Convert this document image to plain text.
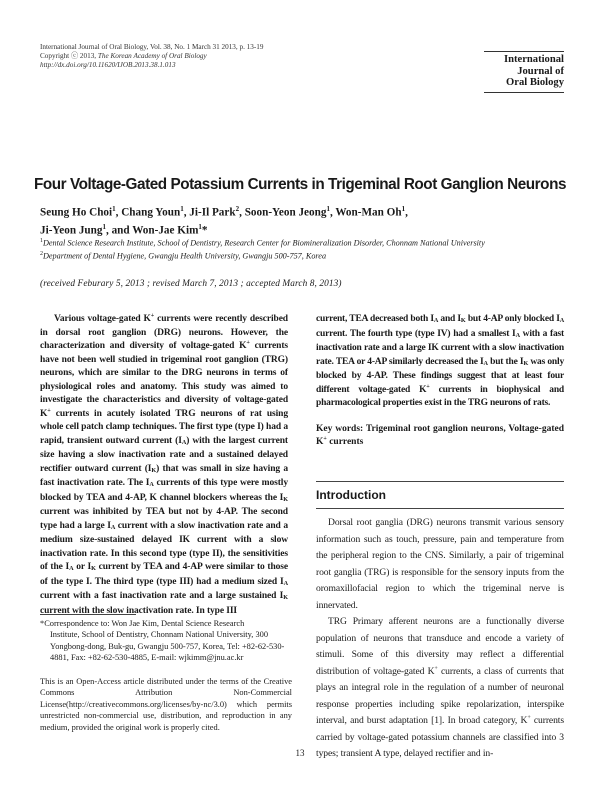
International Journal of Oral Biology, Vol. 38, No. 1 March 31 2013, p. 13-19
Copyright ⓒ 2013, The Korean Academy of Oral Biology
http://dx.doi.org/10.11620/IJOB.2013.38.1.013	International
Journal of
Oral Biology
Four Voltage-Gated Potassium Currents in Trigeminal Root Ganglion Neurons
Seung Ho Choi$^1$, Chang Youn$^1$, Ji-Il Park$^2$, Soon-Yeon Jeong$^1$, Won-Man Oh$^1$,
Ji-Yeon Jung$^1$, and Won-Jae Kim$^1$*
$^1$Dental Science Research Institute, School of Dentistry, Research Center for Biomineralization Disorder, Chonnam National University
$^2$Department of Dental Hygiene, Gwangju Health University, Gwangju 500-757, Korea
(received Feburary 5, 2013 ; revised March 7, 2013 ; accepted March 8, 2013)
Various voltage-gated K+ currents were recently described in dorsal root ganglion (DRG) neurons. However, the characterization and diversity of voltage-gated K+ currents have not been well studied in trigeminal root ganglion (TRG) neurons, which are similar to the DRG neurons in terms of physiological roles and anatomy. This study was aimed to investigate the characteristics and diversity of voltage-gated K+ currents in acutely isolated TRG neurons of rat using whole cell patch clamp techniques. The first type (type I) had a rapid, transient outward current $(I_A)$ with the largest current size having a slow inactivation rate and a sustained delayed rectifier outward current $(I_K)$ that was small in size having a fast inactivation rate. The $I_A$ currents of this type were mostly blocked by TEA and 4-AP, K channel blockers whereas the $I_K$ current was inhibited by TEA but not by 4-AP. The second type had a large $I_A$ current with a slow inactivation rate and a medium size-sustained delayed IK current with a slow inactivation rate. In this second type (type II), the sensitivities of the $I_A$ or $I_K$ current by TEA and 4-AP were similar to those of the type I. The third type (type III) had a medium sized $I_A$ current with a fast inactivation rate and a large sustained $I_K$ current with the slow inactivation rate. In type III
current, TEA decreased both $I_A$ and $I_K$ but 4-AP only blocked $I_A$ current. The fourth type (type IV) had a smallest $I_A$ with a fast inactivation rate and a large IK current with a slow inactivation rate. TEA or 4-AP similarly decreased the $I_A$ but the $I_K$ was only blocked by 4-AP. These findings suggest that at least four different voltage-gated K+ currents in biophysical and pharmacological properties exist in the TRG neurons of rats.
Key words: Trigeminal root ganglion neurons, Voltage-gated K+ currents
Introduction

Dorsal root ganglia (DRG) neurons transmit various sensory information such as touch, pressure, pain and temperature from the peripheral region to the CNS. Similarly, a pair of trigeminal root ganglia (TRG) is responsible for the sensory inputs from the oromaxillofacial region to which the trigeminal nerve is innervated.

TRG Primary afferent neurons are a functionally diverse population of neurons that transduce and encode a variety of stimuli. Some of this diversity may reflect a differential distribution of voltage-gated K+ currents, a class of currents that plays an integral role in the regulation of a number of neuronal response properties including spike repolarization, interspike interval, and burst adaptation [1]. In broad category, K+ currents carried by voltage-gated potassium channels are classified into 3 types; transient A type, delayed rectifier and in-

*Correspondence to: Won Jae Kim, Dental Science Research
Institute, School of Dentistry, Chonnam National University, 300 Yongbong-dong, Buk-gu, Gwangju 500-757, Korea, Tel: +82-62-530-4881, Fax: +82-62-530-4885, E-mail: wjkimm@jnu.ac.kr
This is an Open-Access article distributed under the terms of the Creative Commons Attribution Non-Commercial License(http://creativecommons.org/licenses/by-nc/3.0) which permits unrestricted non-commercial use, distribution, and reproduction in any medium, provided the original work is properly cited.
13
